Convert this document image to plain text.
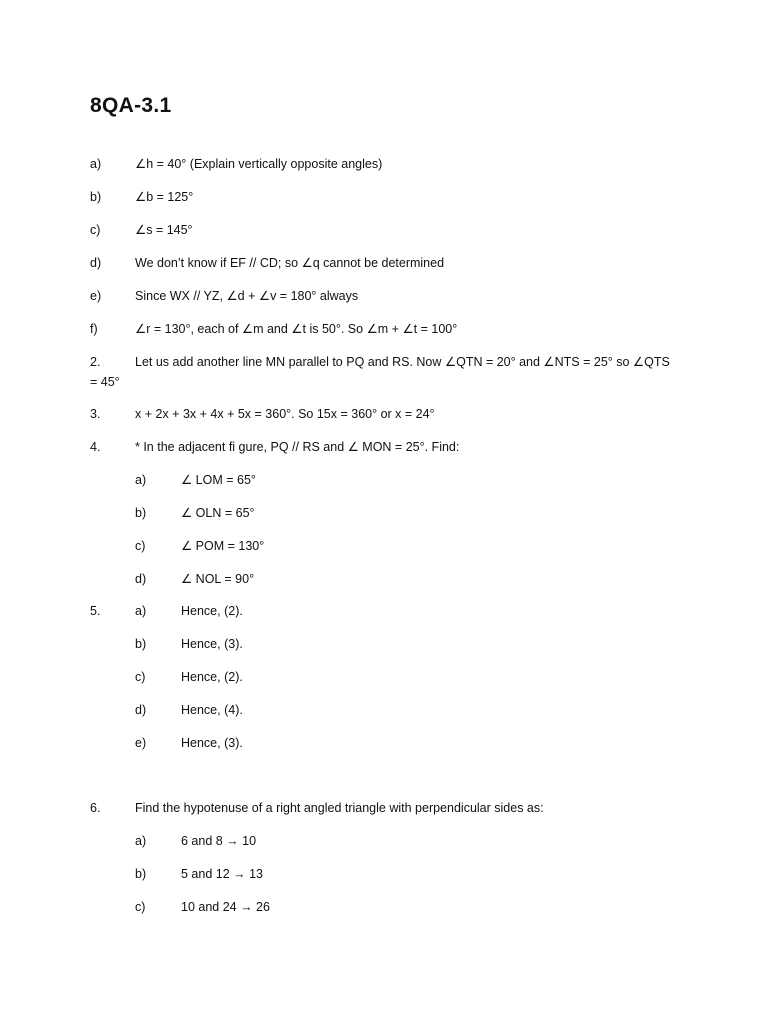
8QA-3.1
a)	∠h = 40° (Explain vertically opposite angles)
b)	∠b = 125°
c)	∠s = 145°
d)	We don’t know if EF // CD; so ∠q cannot be determined
e)	Since WX // YZ, ∠d + ∠v = 180° always
f)	∠r = 130°, each of ∠m and ∠t is 50°. So ∠m + ∠t = 100°
2.	Let us add another line MN parallel to PQ and RS. Now ∠QTN = 20° and ∠NTS = 25° so ∠QTS = 45°
3.	x + 2x + 3x + 4x + 5x = 360°. So 15x = 360° or x = 24°
4.	* In the adjacent fi gure, PQ // RS and ∠ MON = 25°. Find:
a)	∠ LOM = 65°
b)	∠ OLN = 65°
c)	∠ POM = 130°
d)	∠ NOL = 90°
5.	a)	Hence, (2).
b)	Hence, (3).
c)	Hence, (2).
d)	Hence, (4).
e)	Hence, (3).
6.	Find the hypotenuse of a right angled triangle with perpendicular sides as:
a)	6 and 8 → 10
b)	5 and 12 → 13
c)	10 and 24 → 26
